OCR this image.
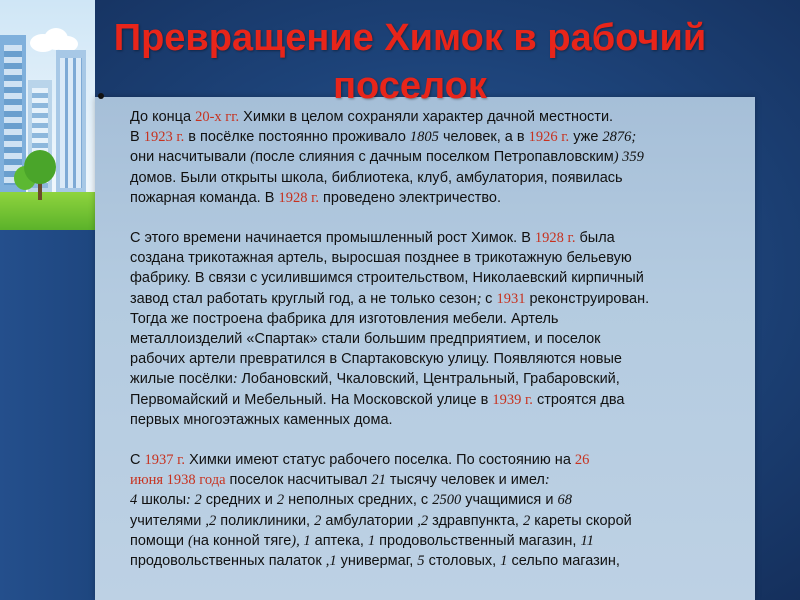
Превращение Химок в рабочий
поселок

До конца 20-х гг. Химки в целом сохраняли характер дачной местности.
В 1923 г. в посёлке постоянно проживало 1805 человек, а в 1926 г. уже 2876;
они насчитывали (после слияния с дачным поселком Петропавловским) 359
домов. Были открыты школа, библиотека, клуб, амбулатория, появилась
пожарная команда. В 1928 г. проведено электричество.

С этого времени начинается промышленный рост Химок. В 1928 г. была
создана трикотажная артель, выросшая позднее в трикотажную бельевую
фабрику. В связи с усилившимся строительством, Николаевский кирпичный
завод стал работать круглый год, а не только сезон; с 1931 реконструирован.
Тогда же построена фабрика для изготовления мебели. Артель
металлоизделий «Спартак» стали большим предприятием, и поселок
рабочих артели превратился в Спартаковскую улицу. Появляются новые
жилые посёлки: Лобановский, Чкаловский, Центральный, Грабаровский,
Первомайский и Мебельный. На Московской улице в 1939 г. строятся два
первых многоэтажных каменных дома.

С 1937 г. Химки имеют статус рабочего поселка. По состоянию на 26
июня 1938 года поселок насчитывал 21 тысячу человек и имел:
4 школы: 2 средних и 2 неполных средних, с 2500 учащимися и 68
учителями ,2 поликлиники, 2 амбулатории ,2 здравпункта, 2 кареты скорой
помощи (на конной тяге), 1 аптека, 1 продовольственный магазин, 11
продовольственных палаток ,1 универмаг, 5 столовых, 1 сельпо магазин,
